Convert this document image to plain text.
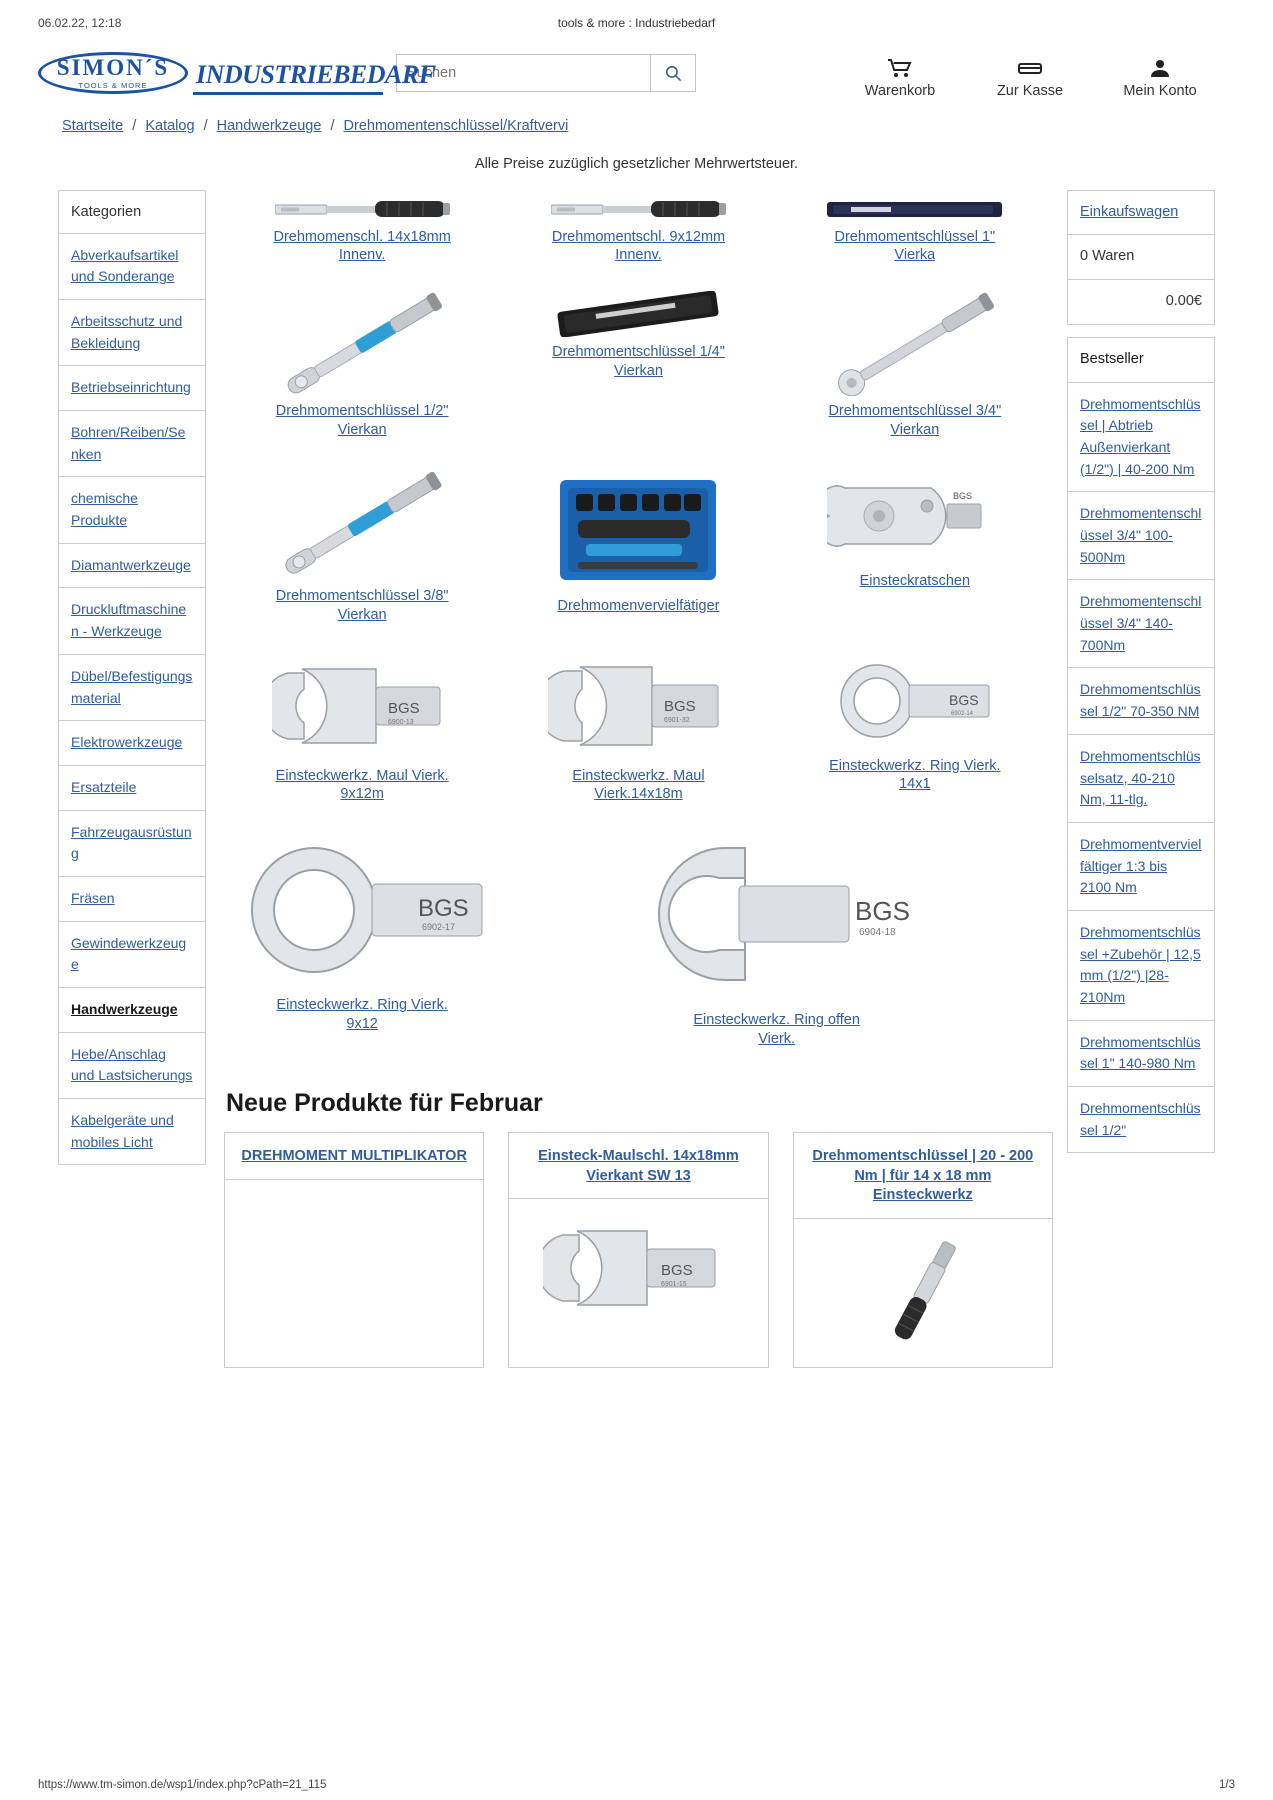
06.02.22, 12:18	tools & more : Industriebedarf
SIMON´S
TOOLS & MORE INDUSTRIEBEDARF
Suchen
Warenkorb	Zur Kasse	Mein Konto
Startseite / Katalog / Handwerkzeuge / Drehmomentenschlüssel/Kraftvervi
Alle Preise zuzüglich gesetzlicher Mehrwertsteuer.
Kategorien
Abverkaufsartikel und Sonderange
Arbeitsschutz und Bekleidung
Betriebseinrichtung
Bohren/Reiben/Senken
chemische Produkte
Diamantwerkzeuge
Druckluftmaschinen - Werkzeuge
Dübel/Befestigungsmaterial
Elektrowerkzeuge
Ersatzteile
Fahrzeugausrüstung
Fräsen
Gewindewerkzeuge
Handwerkzeuge
Hebe/Anschlag und Lastsicherungs
Kabelgeräte und mobiles Licht
Drehmomenschl. 14x18mm Innenv.
Drehmomentschl. 9x12mm Innenv.
Drehmomentschlüssel 1" Vierka
Drehmomentschlüssel 1/2" Vierkan
Drehmomentschlüssel 1/4" Vierkan
Drehmomentschlüssel 3/4" Vierkan
Drehmomentschlüssel 3/8" Vierkan
Drehmomenvervielfätiger
BGS
Einsteckratschen
BGS
6900-13
Einsteckwerkz. Maul Vierk. 9x12m
BGS
6901-32
Einsteckwerkz. Maul Vierk.14x18m
BGS
6902-14
Einsteckwerkz. Ring Vierk. 14x1
BGS
6902-17
Einsteckwerkz. Ring Vierk. 9x12
BGS
6904-18
Einsteckwerkz. Ring offen Vierk.
Neue Produkte für Februar
DREHMOMENT MULTIPLIKATOR	Einsteck-Maulschl. 14x18mm Vierkant SW 13
BGS
6901-15
Drehmomentschlüssel | 20 - 200 Nm | für 14 x 18 mm Einsteckwerkz
Einkaufswagen
0 Waren
0.00€
Bestseller
Drehmomentschlüssel | Abtrieb Außenvierkant (1/2") | 40-200 Nm
Drehmomentenschlüssel 3/4" 100-500Nm
Drehmomentenschlüssel 3/4" 140-700Nm
Drehmomentschlüssel 1/2" 70-350 NM
Drehmomentschlüsselsatz, 40-210 Nm, 11-tlg.
Drehmomentvervielfältiger 1:3 bis 2100 Nm
Drehmomentschlüssel +Zubehör | 12,5 mm (1/2") |28-210Nm
Drehmomentschlüssel 1" 140-980 Nm
Drehmomentschlüssel 1/2"
https://www.tm-simon.de/wsp1/index.php?cPath=21_115	1/3
